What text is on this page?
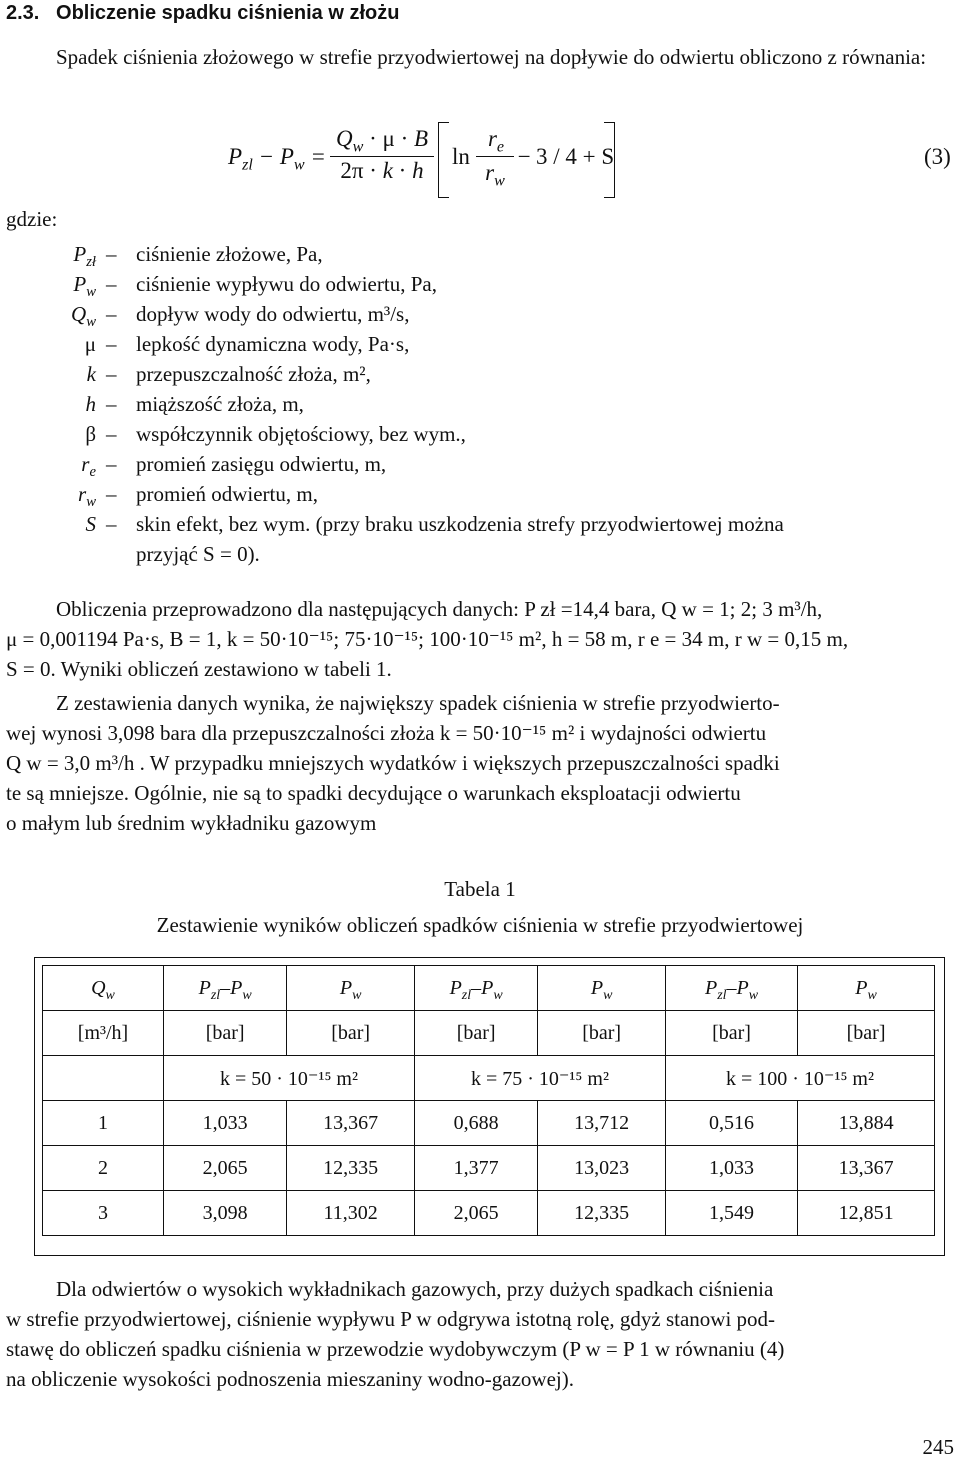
2.3. Obliczenie spadku ciśnienia w złożu
Spadek ciśnienia złożowego w strefie przyodwiertowej na dopływie do odwiertu obliczono z równania:
$P_{zl} - P_w$ =
$Q_w \cdot \mu \cdot B$
2π · k · h
ln
$r_e$
$r_w$
− 3 / 4 + S	(3)
gdzie:
$P_{zł}$ – ciśnienie złożowe, Pa,
$P_w$ – ciśnienie wypływu do odwiertu, Pa,
$Q_w$ – dopływ wody do odwiertu, m³/s,
μ – lepkość dynamiczna wody, Pa·s,
k – przepuszczalność złoża, m²,
h – miąższość złoża, m,
β – współczynnik objętościowy, bez wym.,
$r_e$ – promień zasięgu odwiertu, m,
$r_w$ – promień odwiertu, m,
S – skin efekt, bez wym. (przy braku uszkodzenia strefy przyodwiertowej można
przyjąć S = 0).
Obliczenia przeprowadzono dla następujących danych: P zł =14,4 bara, Q w = 1; 2; 3 m³/h,
μ = 0,001194 Pa·s, B = 1, k = 50·10⁻¹⁵; 75·10⁻¹⁵; 100·10⁻¹⁵ m², h = 58 m, r e = 34 m, r w = 0,15 m,
S = 0. Wyniki obliczeń zestawiono w tabeli 1.
Z zestawienia danych wynika, że największy spadek ciśnienia w strefie przyodwierto-
wej wynosi 3,098 bara dla przepuszczalności złoża k = 50·10⁻¹⁵ m² i wydajności odwiertu
Q w = 3,0 m³/h . W przypadku mniejszych wydatków i większych przepuszczalności spadki
te są mniejsze. Ogólnie, nie są to spadki decydujące o warunkach eksploatacji odwiertu
o małym lub średnim wykładniku gazowym
Tabela 1
Zestawienie wyników obliczeń spadków ciśnienia w strefie przyodwiertowej
$Q_w$	$P_{zl}-P_w$	$P_w$	$P_{zl}-P_w$	$P_w$	$P_{zl}-P_w$	$P_w$
[m³/h]	[bar]	[bar]	[bar]	[bar]	[bar]	[bar]
	k = 50 · 10⁻¹⁵ m²		k = 75 · 10⁻¹⁵ m²		k = 100 · 10⁻¹⁵ m²	
1	1,033	13,367	0,688	13,712	0,516	13,884
2	2,065	12,335	1,377	13,023	1,033	13,367
3	3,098	11,302	2,065	12,335	1,549	12,851
Dla odwiertów o wysokich wykładnikach gazowych, przy dużych spadkach ciśnienia
w strefie przyodwiertowej, ciśnienie wypływu P w odgrywa istotną rolę, gdyż stanowi pod-
stawę do obliczeń spadku ciśnienia w przewodzie wydobywczym (P w = P 1 w równaniu (4)
na obliczenie wysokości podnoszenia mieszaniny wodno-gazowej).
245
